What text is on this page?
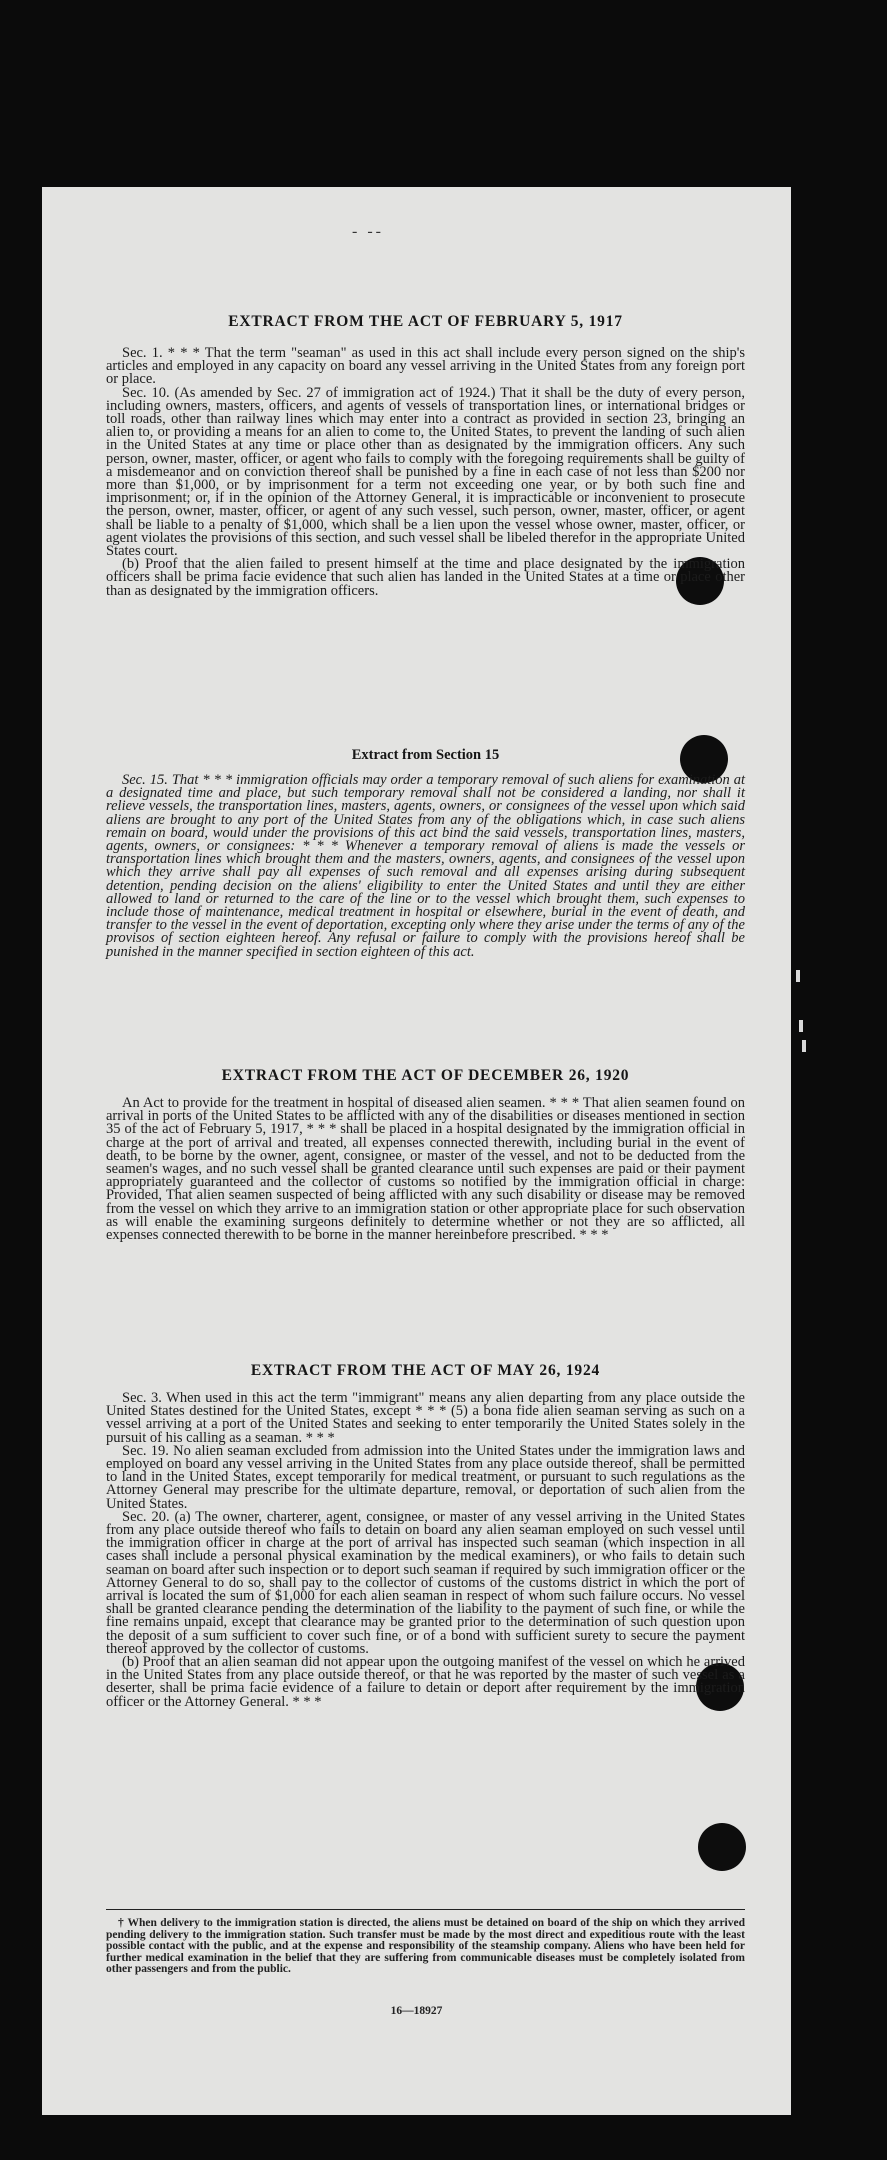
- --
EXTRACT FROM THE ACT OF FEBRUARY 5, 1917

Sec. 1. * * * That the term "seaman" as used in this act shall include every person signed on the ship's articles and employed in any capacity on board any vessel arriving in the United States from any foreign port or place.

Sec. 10. (As amended by Sec. 27 of immigration act of 1924.) That it shall be the duty of every person, including owners, masters, officers, and agents of vessels of transportation lines, or international bridges or toll roads, other than railway lines which may enter into a contract as provided in section 23, bringing an alien to, or providing a means for an alien to come to, the United States, to prevent the landing of such alien in the United States at any time or place other than as designated by the immigration officers. Any such person, owner, master, officer, or agent who fails to comply with the foregoing requirements shall be guilty of a misdemeanor and on conviction thereof shall be punished by a fine in each case of not less than $200 nor more than $1,000, or by imprisonment for a term not exceeding one year, or by both such fine and imprisonment; or, if in the opinion of the Attorney General, it is impracticable or inconvenient to prosecute the person, owner, master, officer, or agent of any such vessel, such person, owner, master, officer, or agent shall be liable to a penalty of $1,000, which shall be a lien upon the vessel whose owner, master, officer, or agent violates the provisions of this section, and such vessel shall be libeled therefor in the appropriate United States court.

(b) Proof that the alien failed to present himself at the time and place designated by the immigration officers shall be prima facie evidence that such alien has landed in the United States at a time or place other than as designated by the immigration officers.

Extract from Section 15

Sec. 15. That * * * immigration officials may order a temporary removal of such aliens for examination at a designated time and place, but such temporary removal shall not be considered a landing, nor shall it relieve vessels, the transportation lines, masters, agents, owners, or consignees of the vessel upon which said aliens are brought to any port of the United States from any of the obligations which, in case such aliens remain on board, would under the provisions of this act bind the said vessels, transportation lines, masters, agents, owners, or consignees: * * * Whenever a temporary removal of aliens is made the vessels or transportation lines which brought them and the masters, owners, agents, and consignees of the vessel upon which they arrive shall pay all expenses of such removal and all expenses arising during subsequent detention, pending decision on the aliens' eligibility to enter the United States and until they are either allowed to land or returned to the care of the line or to the vessel which brought them, such expenses to include those of maintenance, medical treatment in hospital or elsewhere, burial in the event of death, and transfer to the vessel in the event of deportation, excepting only where they arise under the terms of any of the provisos of section eighteen hereof. Any refusal or failure to comply with the provisions hereof shall be punished in the manner specified in section eighteen of this act.

EXTRACT FROM THE ACT OF DECEMBER 26, 1920

An Act to provide for the treatment in hospital of diseased alien seamen. * * * That alien seamen found on arrival in ports of the United States to be afflicted with any of the disabilities or diseases mentioned in section 35 of the act of February 5, 1917, * * * shall be placed in a hospital designated by the immigration official in charge at the port of arrival and treated, all expenses connected therewith, including burial in the event of death, to be borne by the owner, agent, consignee, or master of the vessel, and not to be deducted from the seamen's wages, and no such vessel shall be granted clearance until such expenses are paid or their payment appropriately guaranteed and the collector of customs so notified by the immigration official in charge: Provided, That alien seamen suspected of being afflicted with any such disability or disease may be removed from the vessel on which they arrive to an immigration station or other appropriate place for such observation as will enable the examining surgeons definitely to determine whether or not they are so afflicted, all expenses connected therewith to be borne in the manner hereinbefore prescribed. * * *

EXTRACT FROM THE ACT OF MAY 26, 1924

Sec. 3. When used in this act the term "immigrant" means any alien departing from any place outside the United States destined for the United States, except * * * (5) a bona fide alien seaman serving as such on a vessel arriving at a port of the United States and seeking to enter temporarily the United States solely in the pursuit of his calling as a seaman. * * *

Sec. 19. No alien seaman excluded from admission into the United States under the immigration laws and employed on board any vessel arriving in the United States from any place outside thereof, shall be permitted to land in the United States, except temporarily for medical treatment, or pursuant to such regulations as the Attorney General may prescribe for the ultimate departure, removal, or deportation of such alien from the United States.

Sec. 20. (a) The owner, charterer, agent, consignee, or master of any vessel arriving in the United States from any place outside thereof who fails to detain on board any alien seaman employed on such vessel until the immigration officer in charge at the port of arrival has inspected such seaman (which inspection in all cases shall include a personal physical examination by the medical examiners), or who fails to detain such seaman on board after such inspection or to deport such seaman if required by such immigration officer or the Attorney General to do so, shall pay to the collector of customs of the customs district in which the port of arrival is located the sum of $1,000 for each alien seaman in respect of whom such failure occurs. No vessel shall be granted clearance pending the determination of the liability to the payment of such fine, or while the fine remains unpaid, except that clearance may be granted prior to the determination of such question upon the deposit of a sum sufficient to cover such fine, or of a bond with sufficient surety to secure the payment thereof approved by the collector of customs.

(b) Proof that an alien seaman did not appear upon the outgoing manifest of the vessel on which he arrived in the United States from any place outside thereof, or that he was reported by the master of such vessel as a deserter, shall be prima facie evidence of a failure to detain or deport after requirement by the immigration officer or the Attorney General. * * *

† When delivery to the immigration station is directed, the aliens must be detained on board of the ship on which they arrived pending delivery to the immigration station. Such transfer must be made by the most direct and expeditious route with the least possible contact with the public, and at the expense and responsibility of the steamship company. Aliens who have been held for further medical examination in the belief that they are suffering from communicable diseases must be completely isolated from other passengers and from the public.

16—18927
